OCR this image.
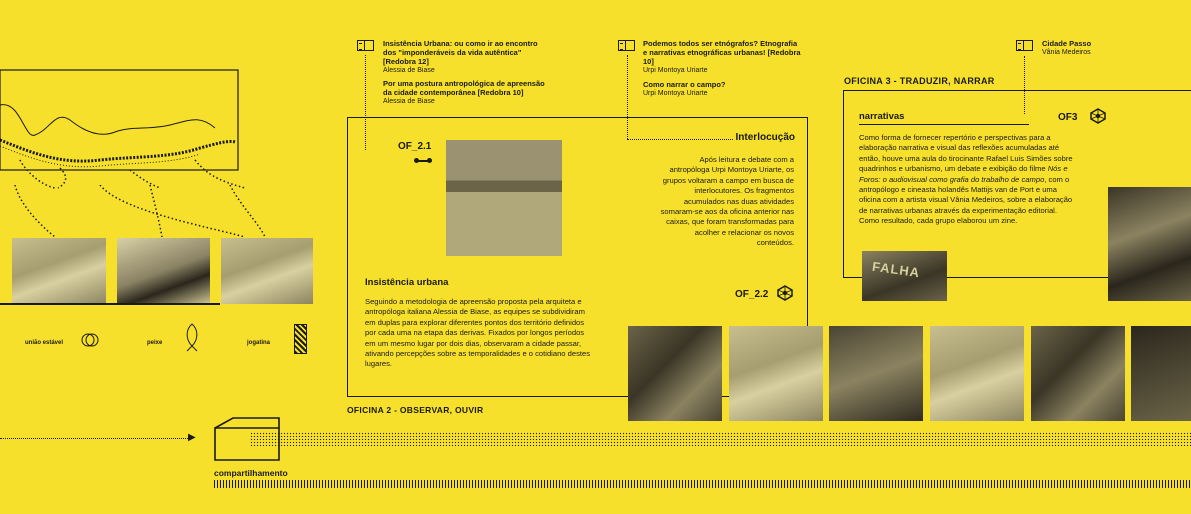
união estável	peixe	jogatina
▶
compartilhamento
Insistência Urbana: ou como ir ao encontro dos "imponderáveis da vida autêntica" [Redobra 12]
Alessia de Biase
Por uma postura antropológica de apreensão da cidade contemporânea [Redobra 10]
Alessia de Biase
Podemos todos ser etnógrafos? Etnografia e narrativas etnográficas urbanas! [Redobra 10]
Urpi Montoya Uriarte
Como narrar o campo?
Urpi Montoya Uriarte
Cidade Passo
Vânia Medeiros
OF_2.1
Interlocução
Após leitura e debate com a antropóloga Urpi Montoya Uriarte, os grupos voltaram a campo em busca de interlocutores. Os fragmentos acumulados nas duas atividades somaram-se aos da oficina anterior nas caixas, que foram transformadas para acolher e relacionar os novos conteúdos.
Insistência urbana
Seguindo a metodologia de apreensão proposta pela arquiteta e antropóloga italiana Alessia de Biase, as equipes se subdividiram em duplas para explorar diferentes pontos dos território definidos por cada uma na etapa das derivas. Fixados por longos períodos em um mesmo lugar por dois dias, observaram a cidade passar, ativando percepções sobre as temporalidades e o cotidiano destes lugares.
OF_2.2
OFICINA 2 - OBSERVAR, OUVIR
OFICINA 3 - TRADUZIR, NARRAR
narrativas	OF3
Como forma de fornecer repertório e perspectivas para a elaboração narrativa e visual das reflexões acumuladas até então, houve uma aula do tirocinante Rafael Luis Simões sobre quadrinhos e urbanismo, um debate e exibição do filme Nós e Foros: o audiovisual como grafia do trabalho de campo, com o antropólogo e cineasta holandês Mattijs van de Port e uma oficina com a artista visual Vânia Medeiros, sobre a elaboração de narrativas urbanas através da experimentação editorial. Como resultado, cada grupo elaborou um zine.
FALHA
